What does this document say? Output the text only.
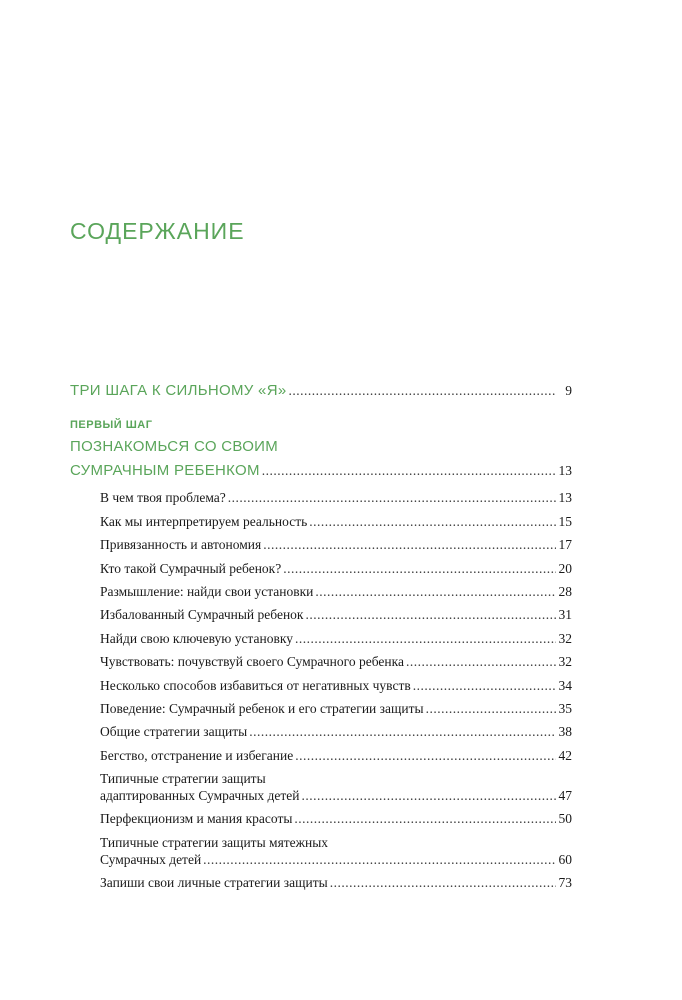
СОДЕРЖАНИЕ
ТРИ ШАГА К СИЛЬНОМУ «Я» .....	9
ПЕРВЫЙ ШАГ
ПОЗНАКОМЬСЯ СО СВОИМ
СУМРАЧНЫМ РЕБЕНКОМ .....	13
В чем твоя проблема? .....	13
Как мы интерпретируем реальность .....	15
Привязанность и автономия .....	17
Кто такой Сумрачный ребенок? .....	20
Размышление: найди свои установки .....	28
Избалованный Сумрачный ребенок .....	31
Найди свою ключевую установку .....	32
Чувствовать: почувствуй своего Сумрачного ребенка .....	32
Несколько способов избавиться от негативных чувств .....	34
Поведение: Сумрачный ребенок и его стратегии защиты .....	35
Общие стратегии защиты .....	38
Бегство, отстранение и избегание .....	42
Типичные стратегии защиты
адаптированных Сумрачных детей .....	47
Перфекционизм и мания красоты .....	50
Типичные стратегии защиты мятежных
Сумрачных детей .....	60
Запиши свои личные стратегии защиты .....	73
